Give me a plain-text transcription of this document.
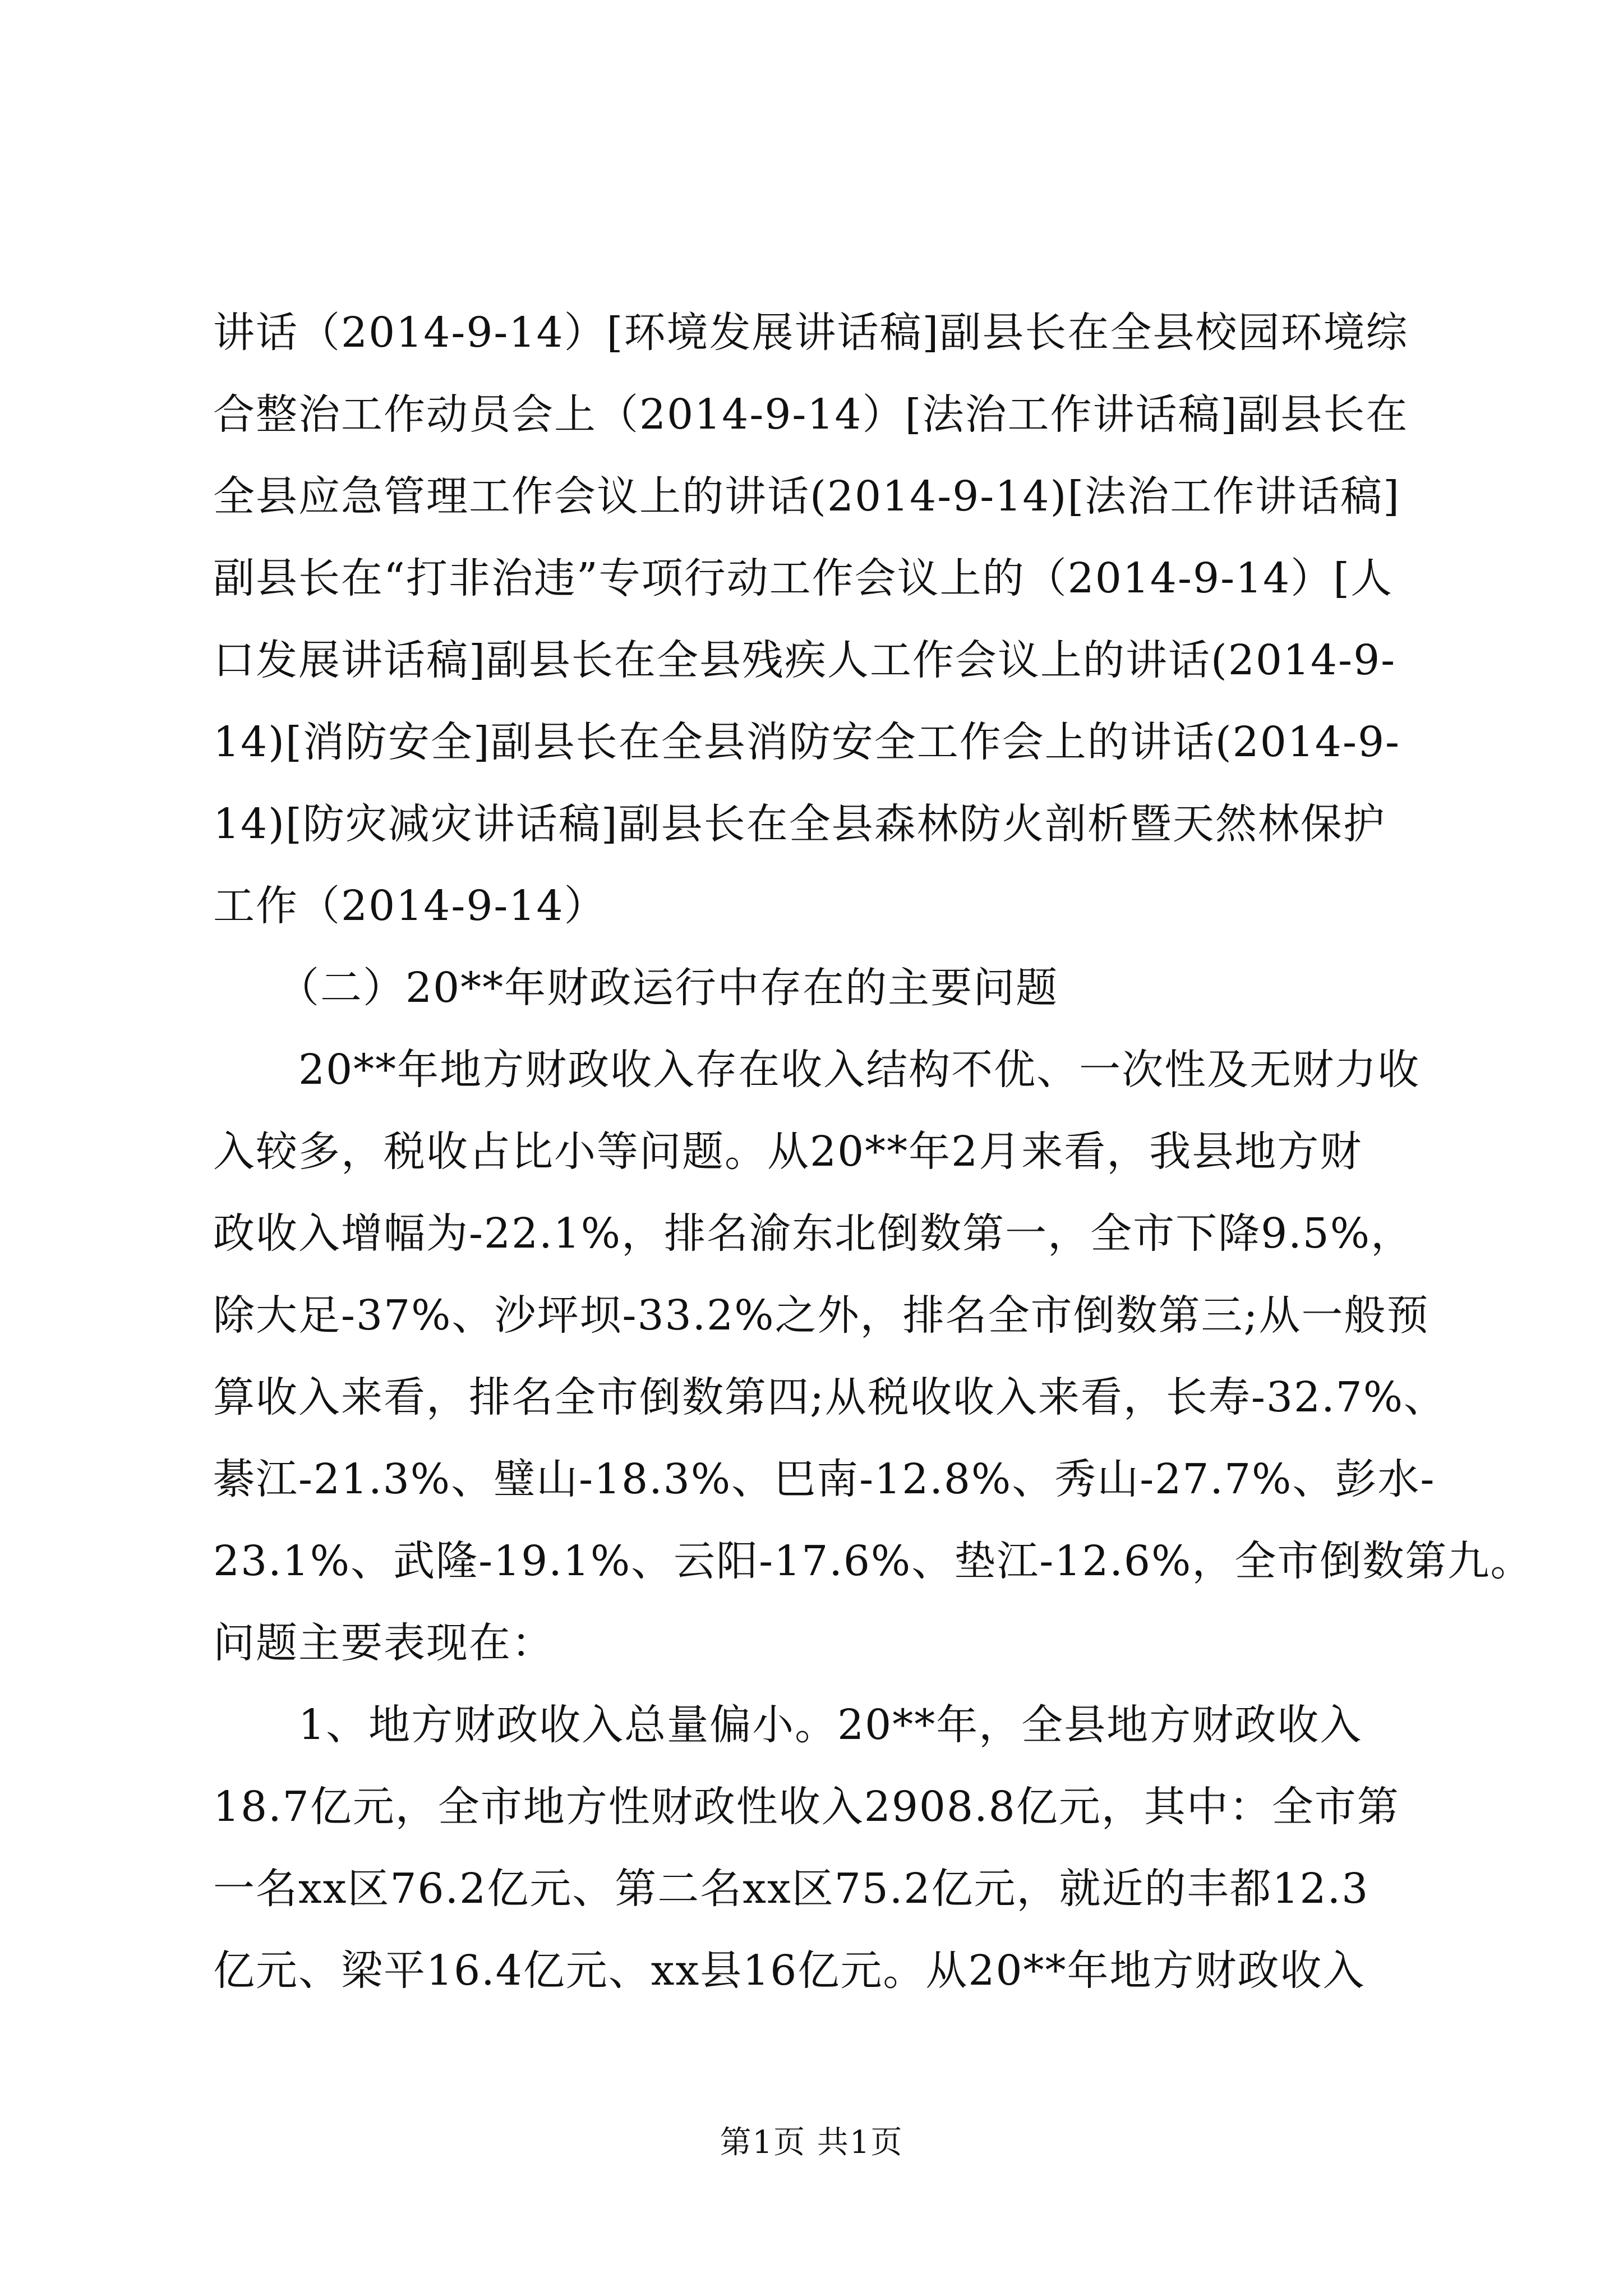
讲话（2014-9-14）[环境发展讲话稿]副县长在全县校园环境综
合整治工作动员会上（2014-9-14）[法治工作讲话稿]副县长在
全县应急管理工作会议上的讲话(2014-9-14)[法治工作讲话稿]
副县长在“打非治违”专项行动工作会议上的（2014-9-14）[人
口发展讲话稿]副县长在全县残疾人工作会议上的讲话(2014-9-
14)[消防安全]副县长在全县消防安全工作会上的讲话(2014-9-
14)[防灾减灾讲话稿]副县长在全县森林防火剖析暨天然林保护
工作（2014-9-14）
　　（二）20**年财政运行中存在的主要问题
　　20**年地方财政收入存在收入结构不优、一次性及无财力收
入较多，税收占比小等问题。从20**年2月来看，我县地方财
政收入增幅为-22.1%，排名渝东北倒数第一，全市下降9.5%，
除大足-37%、沙坪坝-33.2%之外，排名全市倒数第三;从一般预
算收入来看，排名全市倒数第四;从税收收入来看，长寿-32.7%、
綦江-21.3%、璧山-18.3%、巴南-12.8%、秀山-27.7%、彭水-
23.1%、武隆-19.1%、云阳-17.6%、垫江-12.6%，全市倒数第九。
问题主要表现在：
　　1、地方财政收入总量偏小。20**年，全县地方财政收入
18.7亿元，全市地方性财政性收入2908.8亿元，其中：全市第
一名xx区76.2亿元、第二名xx区75.2亿元，就近的丰都12.3
亿元、梁平16.4亿元、xx县16亿元。从20**年地方财政收入
第1页 共1页
